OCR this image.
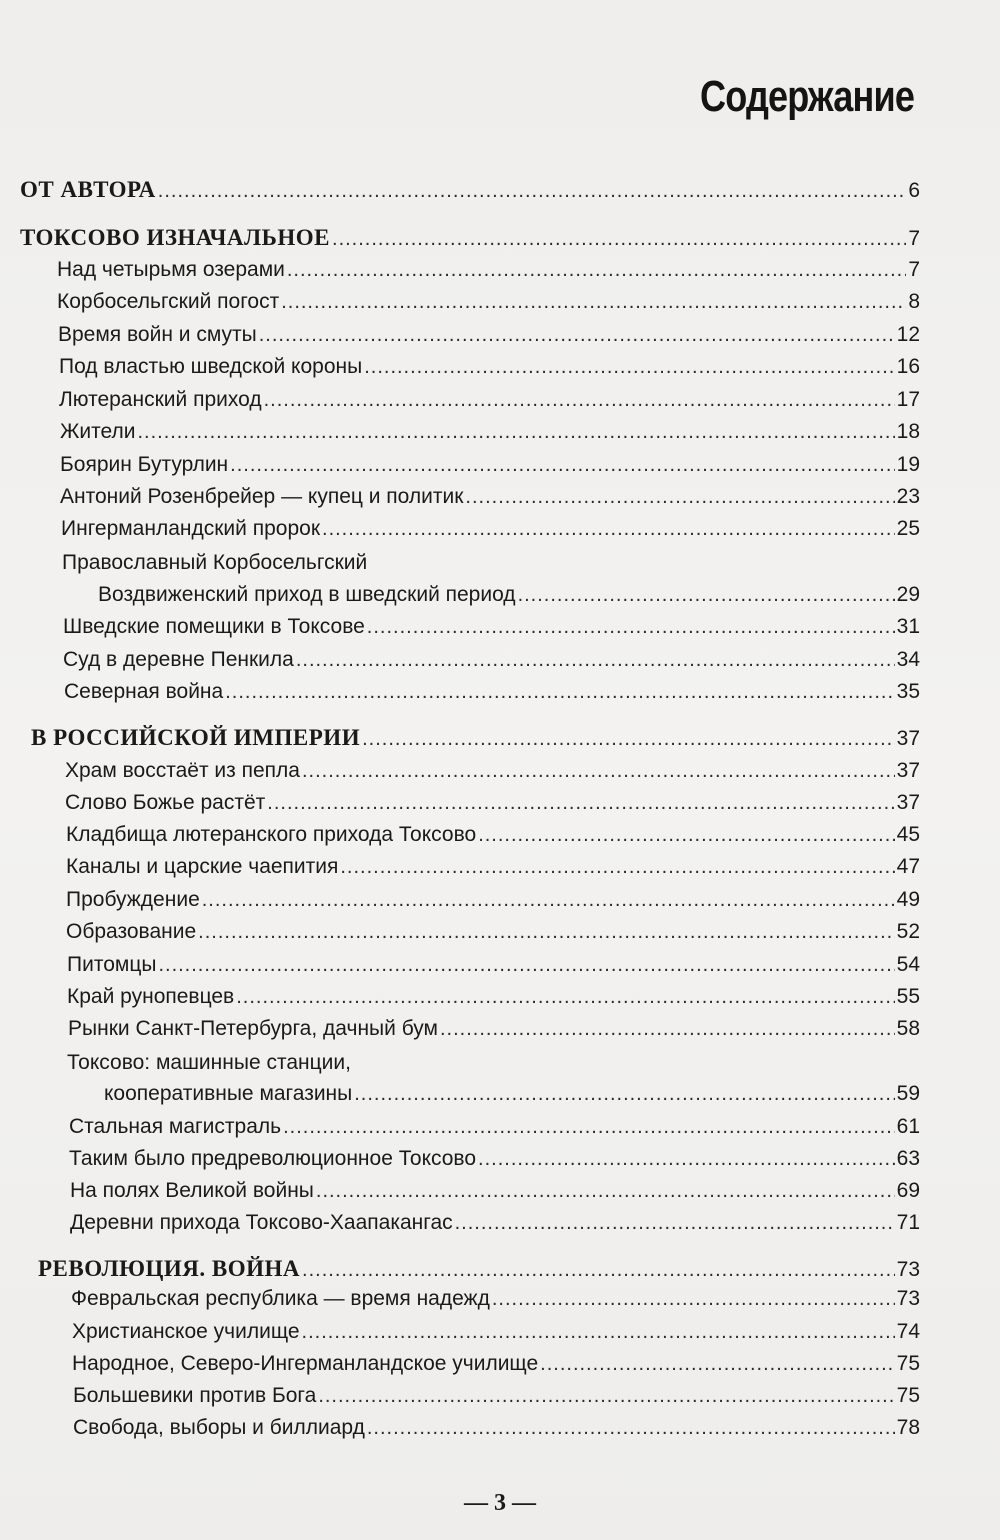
Содержание
ОТ АВТОРА .....	6
ТОКСОВО ИЗНАЧАЛЬНОЕ .....	7
Над четырьмя озерами .....	7
Корбосельгский погост .....	8
Время войн и смуты .....	12
Под властью шведской короны .....	16
Лютеранский приход .....	17
Жители .....	18
Боярин Бутурлин .....	19
Антоний Розенбрейер — купец и политик .....	23
Ингерманландский пророк .....	25
Православный Корбосельгский
Воздвиженский приход в шведский период .....	29
Шведские помещики в Токсове .....	31
Суд в деревне Пенкила .....	34
Северная война .....	35
В РОССИЙСКОЙ ИМПЕРИИ .....	37
Храм восстаёт из пепла .....	37
Слово Божье растёт .....	37
Кладбища лютеранского прихода Токсово .....	45
Каналы и царские чаепития .....	47
Пробуждение .....	49
Образование .....	52
Питомцы .....	54
Край рунопевцев .....	55
Рынки Санкт-Петербурга, дачный бум .....	58
Токсово: машинные станции,
кооперативные магазины .....	59
Стальная магистраль .....	61
Таким было предреволюционное Токсово .....	63
На полях Великой войны .....	69
Деревни прихода Токсово-Хаапакангас .....	71
РЕВОЛЮЦИЯ. ВОЙНА .....	73
Февральская республика — время надежд .....	73
Христианское училище .....	74
Народное, Северо-Ингерманландское училище .....	75
Большевики против Бога .....	75
Свобода, выборы и биллиард .....	78
— 3 —
